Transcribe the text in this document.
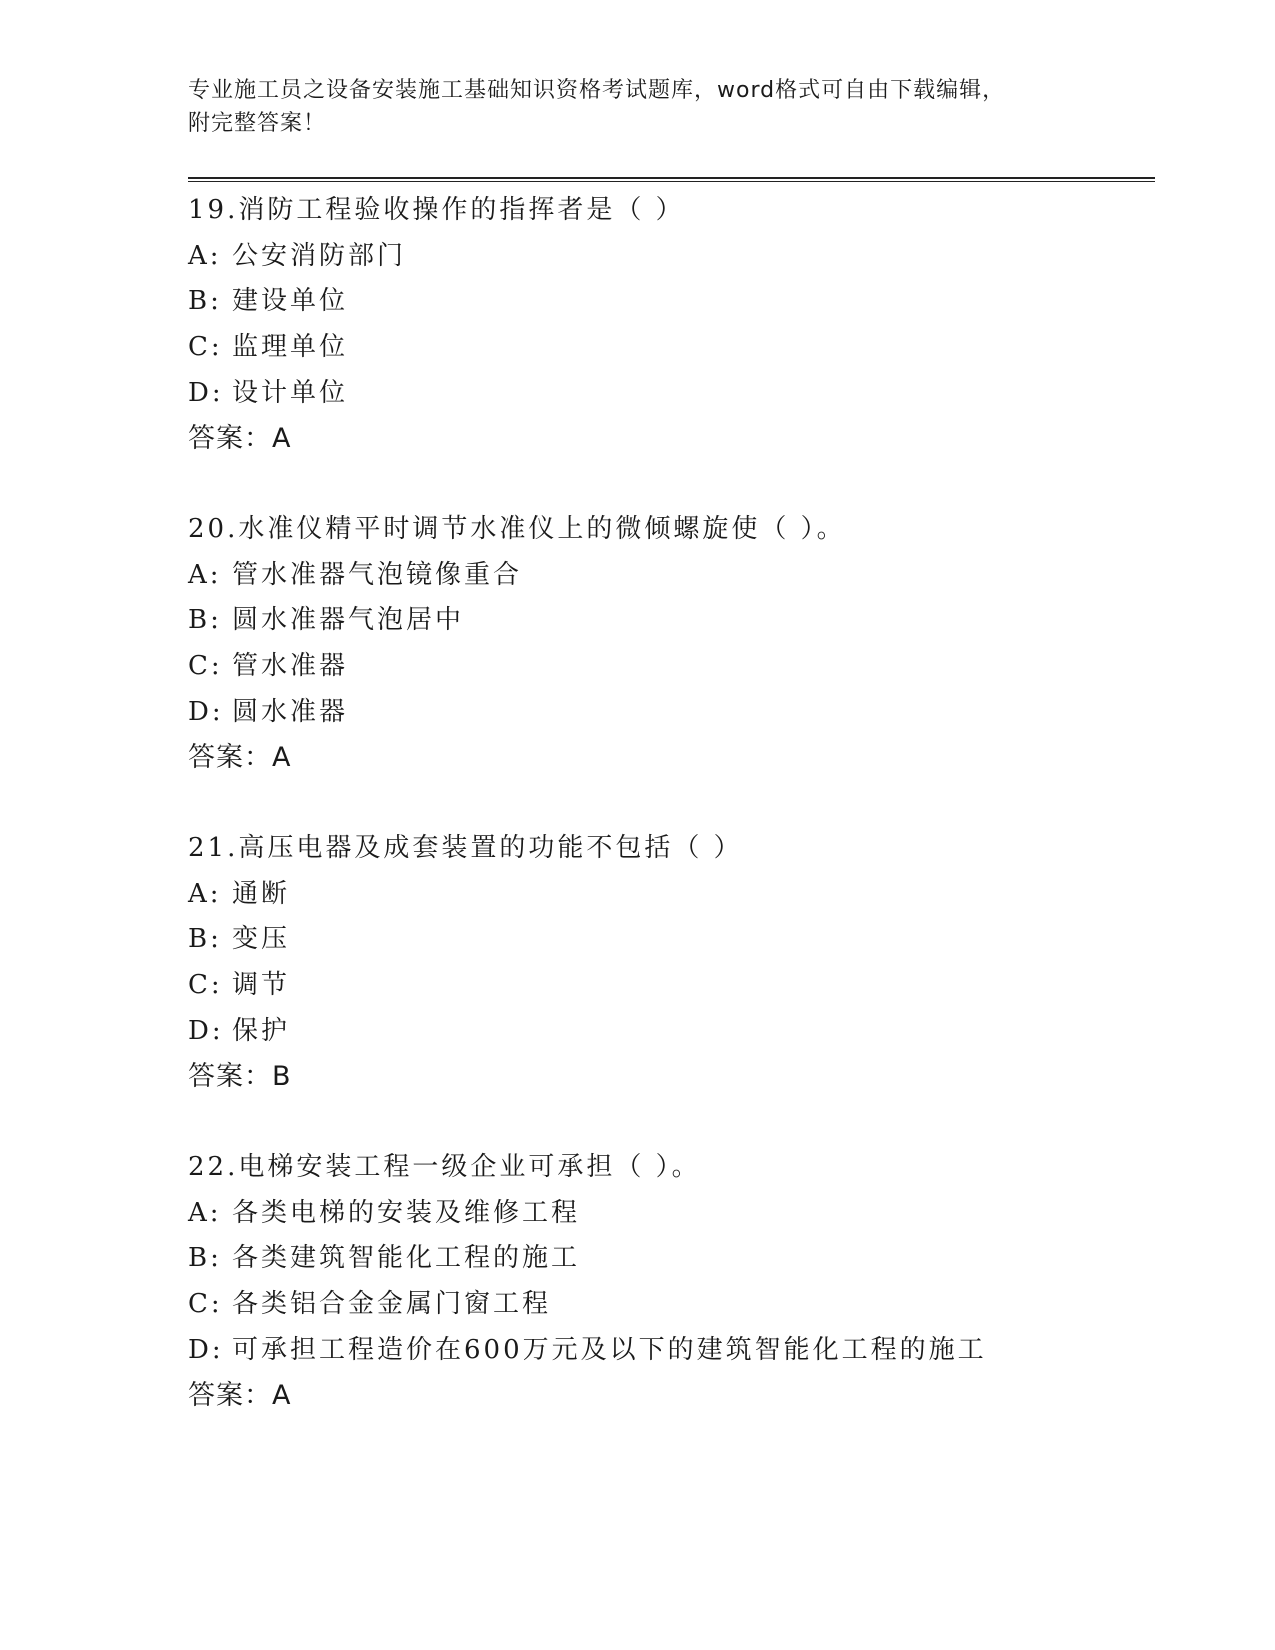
专业施工员之设备安装施工基础知识资格考试题库，word格式可自由下载编辑，
附完整答案！
19.消防工程验收操作的指挥者是（ ）
A: 公安消防部门
B: 建设单位
C: 监理单位
D: 设计单位
答案：A
20.水准仪精平时调节水准仪上的微倾螺旋使（ ）。
A: 管水准器气泡镜像重合
B: 圆水准器气泡居中
C: 管水准器
D: 圆水准器
答案：A
21.高压电器及成套装置的功能不包括（ ）
A: 通断
B: 变压
C: 调节
D: 保护
答案：B
22.电梯安装工程一级企业可承担（ ）。
A: 各类电梯的安装及维修工程
B: 各类建筑智能化工程的施工
C: 各类铝合金金属门窗工程
D: 可承担工程造价在600万元及以下的建筑智能化工程的施工
答案：A
